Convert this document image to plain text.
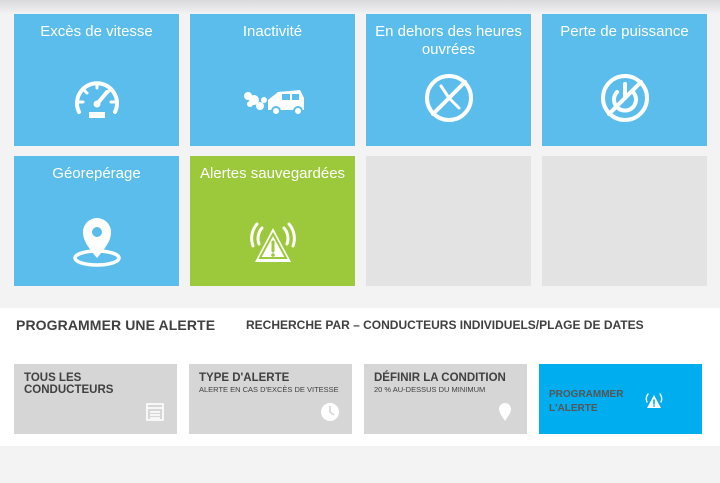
Excès de vitesse	Inactivité	En dehors des heures ouvrées
Perte de puissance
Géorepérage	Alertes sauvegardées
PROGRAMMER UNE ALERTE	RECHERCHE PAR – CONDUCTEURS INDIVIDUELS/PLAGE DE DATES
TOUS LES CONDUCTEURS
TYPE D'ALERTE
ALERTE EN CAS D'EXCÈS DE VITESSE
DÉFINIR LA CONDITION
20 % AU-DESSUS DU MINIMUM	PROGRAMMER L'ALERTE
